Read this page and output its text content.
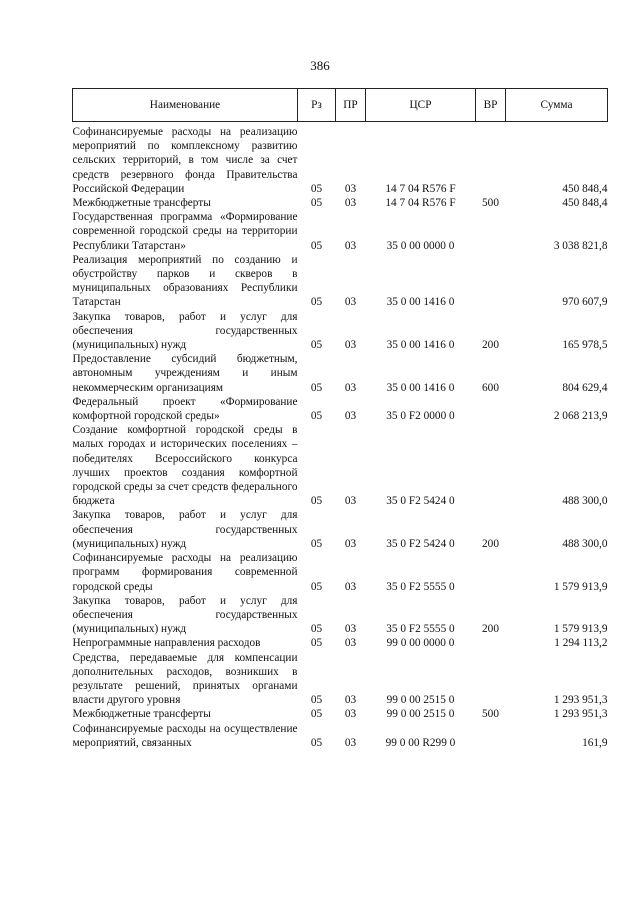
386
Наименование	Рз	ПР	ЦСР	ВР	Сумма
Софинансируемые расходы на реализацию мероприятий по комплексному развитию сельских территорий, в том числе за счет средств резервного фонда Правительства Российской Федерации	05	03	14 7 04 R576 F		450 848,4
Межбюджетные трансферты	05	03	14 7 04 R576 F	500	450 848,4
Государственная программа «Формирование современной городской среды на территории Республики Татарстан»	05	03	35 0 00 0000 0		3 038 821,8
Реализация мероприятий по созданию и обустройству парков и скверов в муниципальных образованиях Республики Татарстан	05	03	35 0 00 1416 0		970 607,9
Закупка товаров, работ и услуг для обеспечения государственных (муниципальных) нужд	05	03	35 0 00 1416 0	200	165 978,5
Предоставление субсидий бюджетным, автономным учреждениям и иным некоммерческим организациям	05	03	35 0 00 1416 0	600	804 629,4
Федеральный проект «Формирование комфортной городской среды»	05	03	35 0 F2 0000 0		2 068 213,9
Создание комфортной городской среды в малых городах и исторических поселениях – победителях Всероссийского конкурса лучших проектов создания комфортной городской среды за счет средств федерального бюджета	05	03	35 0 F2 5424 0		488 300,0
Закупка товаров, работ и услуг для обеспечения государственных (муниципальных) нужд	05	03	35 0 F2 5424 0	200	488 300,0
Софинансируемые расходы на реализацию программ формирования современной городской среды	05	03	35 0 F2 5555 0		1 579 913,9
Закупка товаров, работ и услуг для обеспечения государственных (муниципальных) нужд	05	03	35 0 F2 5555 0	200	1 579 913,9
Непрограммные направления расходов	05	03	99 0 00 0000 0		1 294 113,2
Средства, передаваемые для компенсации дополнительных расходов, возникших в результате решений, принятых органами власти другого уровня	05	03	99 0 00 2515 0		1 293 951,3
Межбюджетные трансферты	05	03	99 0 00 2515 0	500	1 293 951,3
Софинансируемые расходы на осуществление мероприятий, связанных	05	03	99 0 00 R299 0		161,9
